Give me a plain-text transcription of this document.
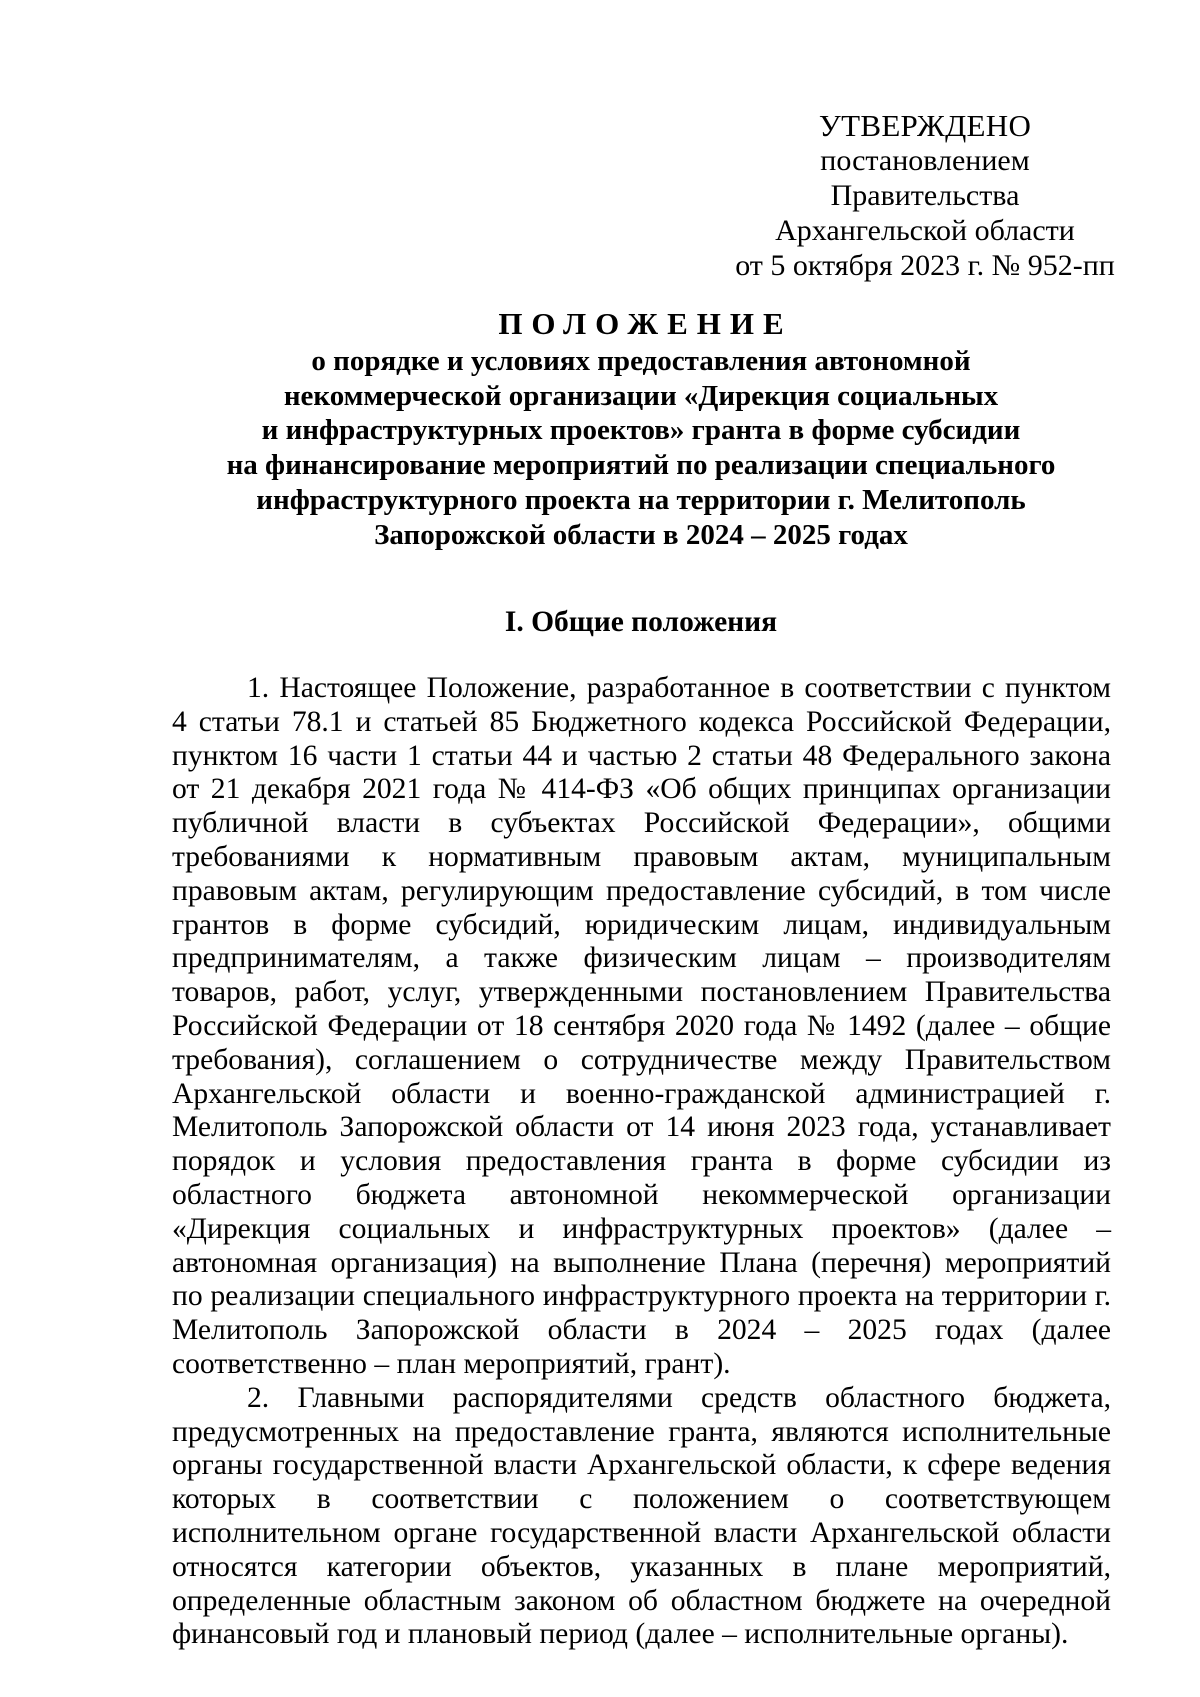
УТВЕРЖДЕНО
постановлением Правительства
Архангельской области
от 5 октября 2023 г. № 952-пп
ПОЛОЖЕНИЕ
о порядке и условиях предоставления автономной
некоммерческой организации «Дирекция социальных
и инфраструктурных проектов» гранта в форме субсидии
на финансирование мероприятий по реализации специального
инфраструктурного проекта на территории г. Мелитополь
Запорожской области в 2024 – 2025 годах
I. Общие положения

1. Настоящее Положение, разработанное в соответствии с пунктом 4 статьи 78.1 и статьей 85 Бюджетного кодекса Российской Федерации, пунктом 16 части 1 статьи 44 и частью 2 статьи 48 Федерального закона от 21 декабря 2021 года № 414-ФЗ «Об общих принципах организации публичной власти в субъектах Российской Федерации», общими требованиями к нормативным правовым актам, муниципальным правовым актам, регулирующим предоставление субсидий, в том числе грантов в форме субсидий, юридическим лицам, индивидуальным предпринимателям, а также физическим лицам – производителям товаров, работ, услуг, утвержденными постановлением Правительства Российской Федерации от 18 сентября 2020 года № 1492 (далее – общие требования), соглашением о сотрудничестве между Правительством Архангельской области и военно-гражданской администрацией г. Мелитополь Запорожской области от 14 июня 2023 года, устанавливает порядок и условия предоставления гранта в форме субсидии из областного бюджета автономной некоммерческой организации «Дирекция социальных и инфраструктурных проектов» (далее – автономная организация) на выполнение Плана (перечня) мероприятий по реализации специального инфраструктурного проекта на территории г. Мелитополь Запорожской области в 2024 – 2025 годах (далее соответственно – план мероприятий, грант).

2. Главными распорядителями средств областного бюджета, предусмотренных на предоставление гранта, являются исполнительные органы государственной власти Архангельской области, к сфере ведения которых в соответствии с положением о соответствующем исполнительном органе государственной власти Архангельской области относятся категории объектов, указанных в плане мероприятий, определенные областным законом об областном бюджете на очередной финансовый год и плановый период (далее – исполнительные органы).
